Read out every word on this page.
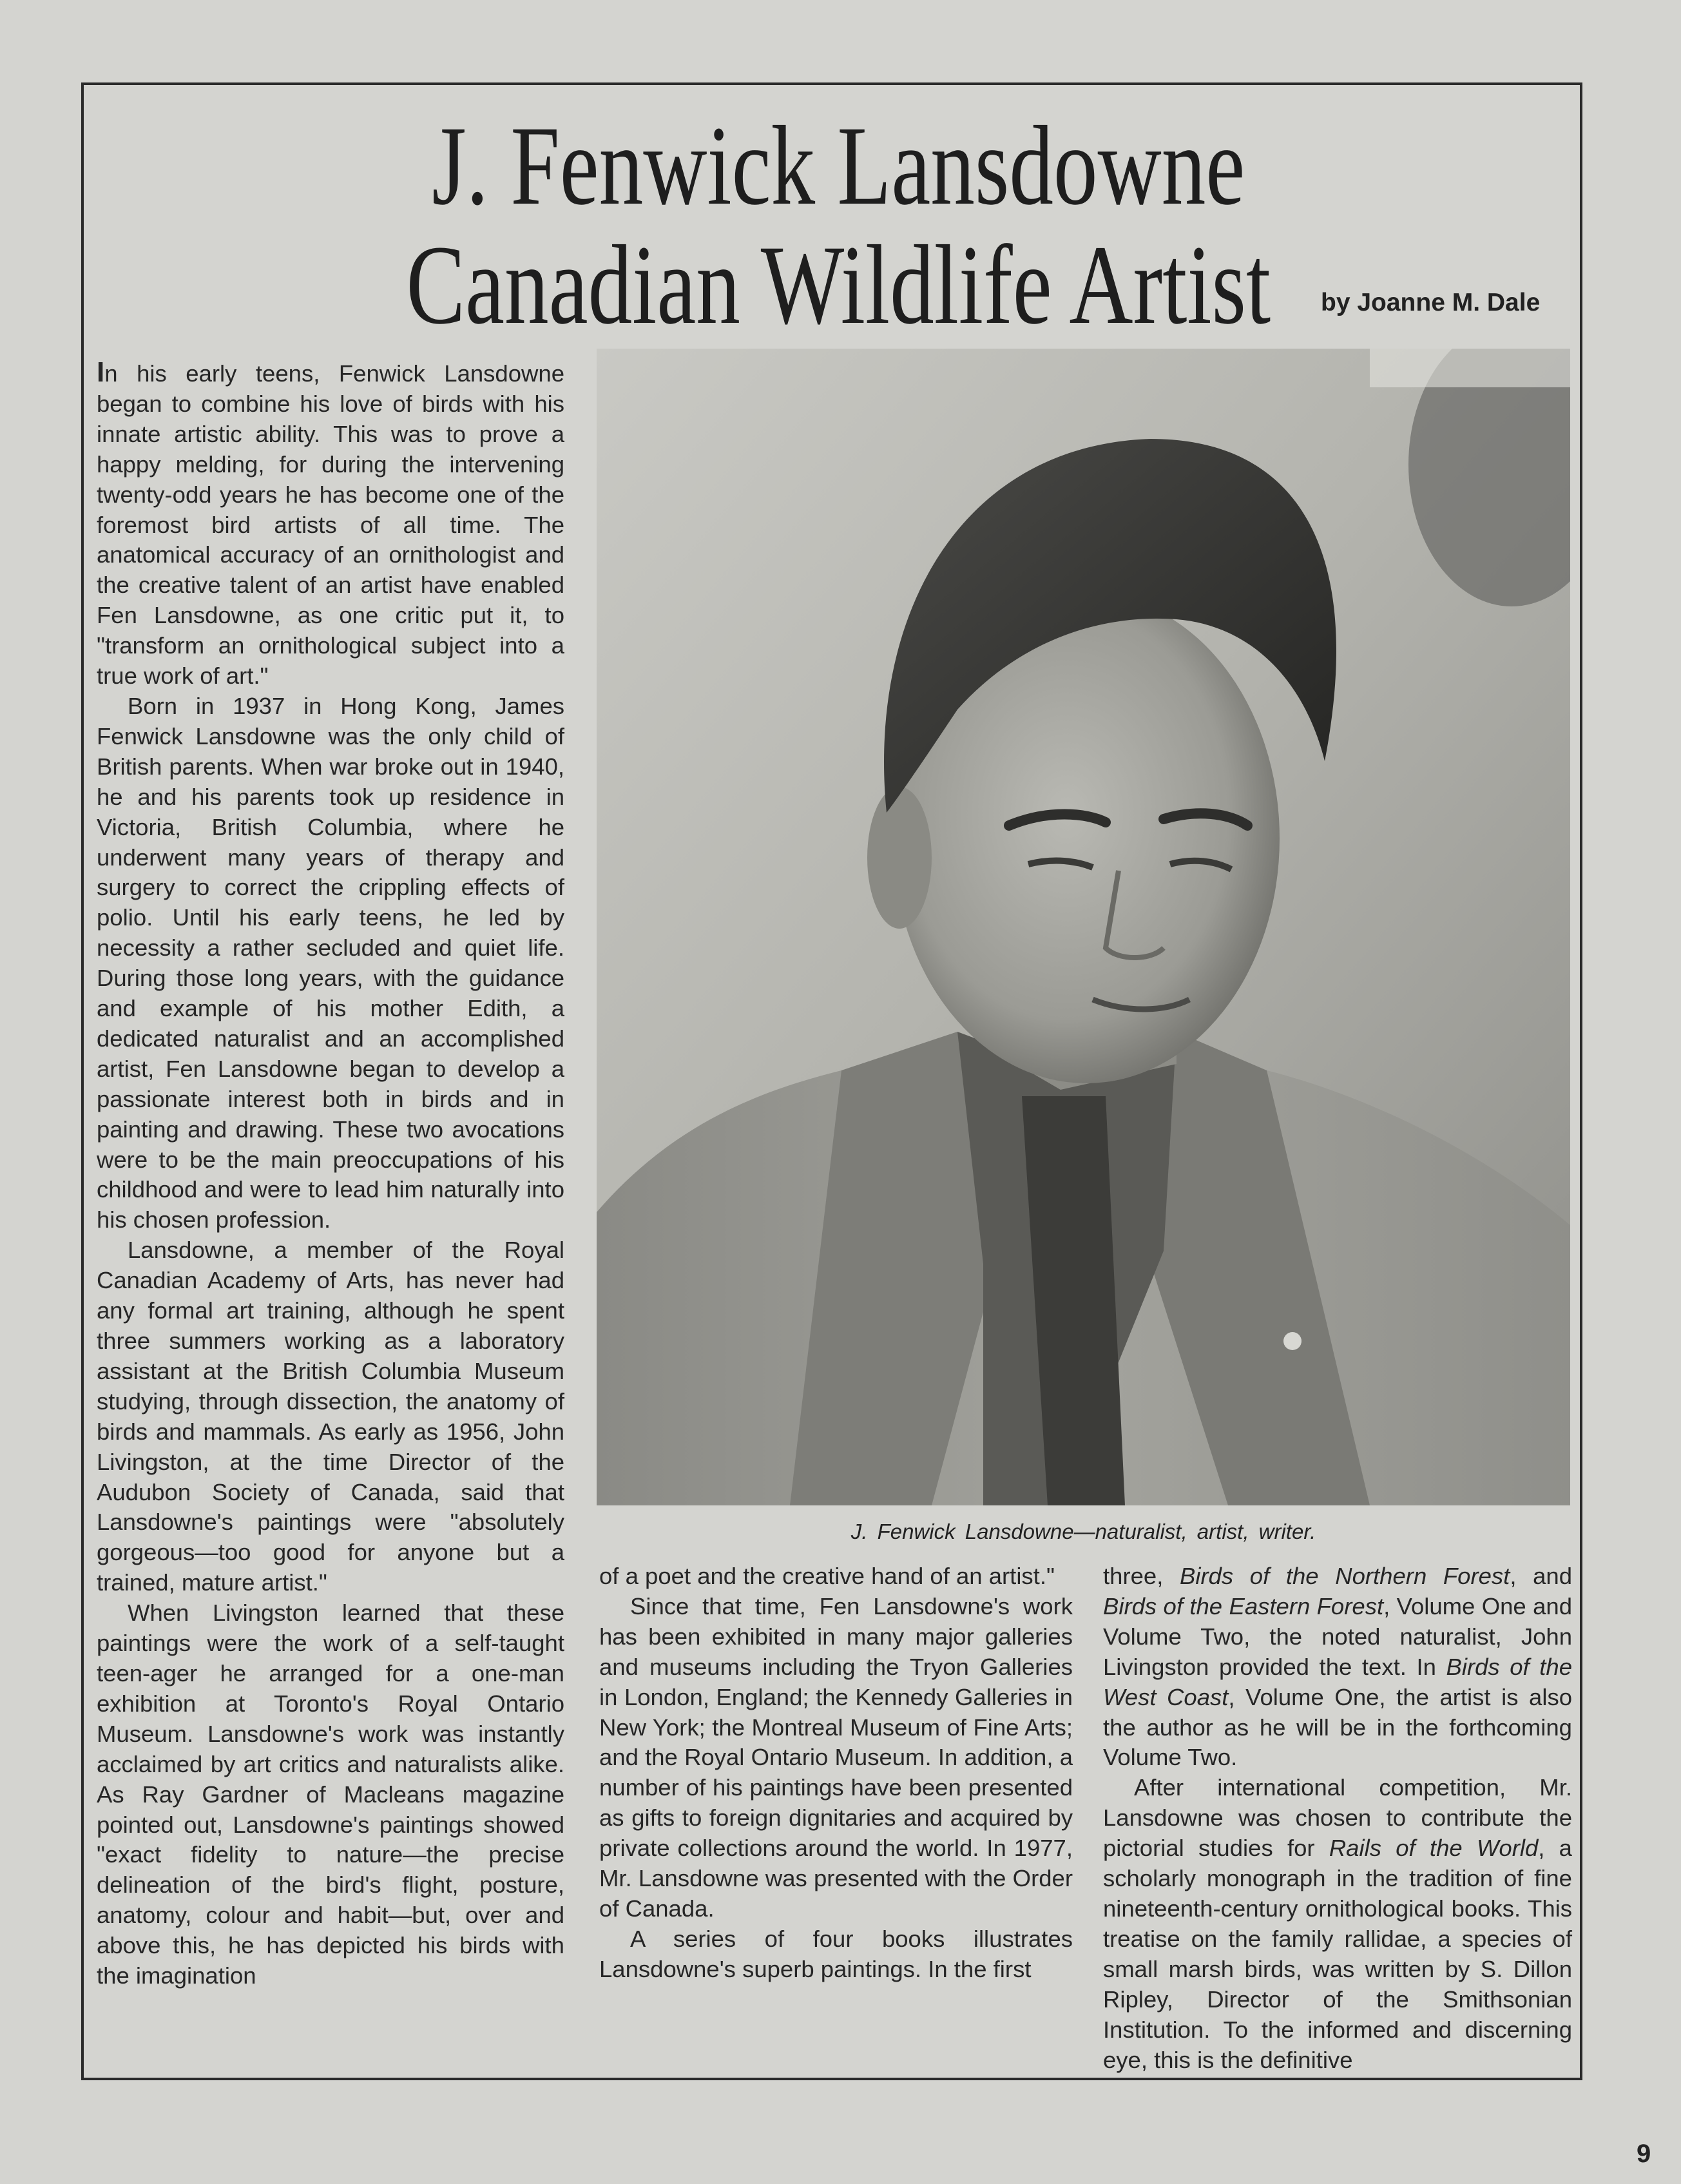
J. Fenwick Lansdowne
Canadian Wildlife Artist	by Joanne M. Dale
J. Fenwick Lansdowne—naturalist, artist, writer.

In his early teens, Fenwick Lansdowne began to combine his love of birds with his innate artistic ability. This was to prove a happy melding, for during the intervening twenty-odd years he has become one of the foremost bird artists of all time. The anatomical accuracy of an ornithologist and the creative talent of an artist have enabled Fen Lansdowne, as one critic put it, to "transform an ornithological subject into a true work of art."

Born in 1937 in Hong Kong, James Fenwick Lansdowne was the only child of British parents. When war broke out in 1940, he and his parents took up residence in Victoria, British Columbia, where he underwent many years of therapy and surgery to correct the crippling effects of polio. Until his early teens, he led by necessity a rather secluded and quiet life. During those long years, with the guidance and example of his mother Edith, a dedicated naturalist and an accomplished artist, Fen Lansdowne began to develop a passionate interest both in birds and in painting and drawing. These two avocations were to be the main preoccupations of his childhood and were to lead him naturally into his chosen profession.

Lansdowne, a member of the Royal Canadian Academy of Arts, has never had any formal art training, although he spent three summers working as a laboratory assistant at the British Columbia Museum studying, through dissection, the anatomy of birds and mammals. As early as 1956, John Livingston, at the time Director of the Audubon Society of Canada, said that Lansdowne's paintings were "absolutely gorgeous—too good for anyone but a trained, mature artist."

When Livingston learned that these paintings were the work of a self-taught teen-ager he arranged for a one-man exhibition at Toronto's Royal Ontario Museum. Lansdowne's work was instantly acclaimed by art critics and naturalists alike. As Ray Gardner of Macleans magazine pointed out, Lansdowne's paintings showed "exact fidelity to nature—the precise delineation of the bird's flight, posture, anatomy, colour and habit—but, over and above this, he has depicted his birds with the imagination

of a poet and the creative hand of an artist."

Since that time, Fen Lansdowne's work has been exhibited in many major galleries and museums including the Tryon Galleries in London, England; the Kennedy Galleries in New York; the Montreal Museum of Fine Arts; and the Royal Ontario Museum. In addition, a number of his paintings have been presented as gifts to foreign dignitaries and acquired by private collections around the world. In 1977, Mr. Lansdowne was presented with the Order of Canada.

A series of four books illustrates Lansdowne's superb paintings. In the first

three, Birds of the Northern Forest, and Birds of the Eastern Forest, Volume One and Volume Two, the noted naturalist, John Livingston provided the text. In Birds of the West Coast, Volume One, the artist is also the author as he will be in the forthcoming Volume Two.

After international competition, Mr. Lansdowne was chosen to contribute the pictorial studies for Rails of the World, a scholarly monograph in the tradition of fine nineteenth-century ornithological books. This treatise on the family rallidae, a species of small marsh birds, was written by S. Dillon Ripley, Director of the Smithsonian Institution. To the informed and discerning eye, this is the definitive

9
